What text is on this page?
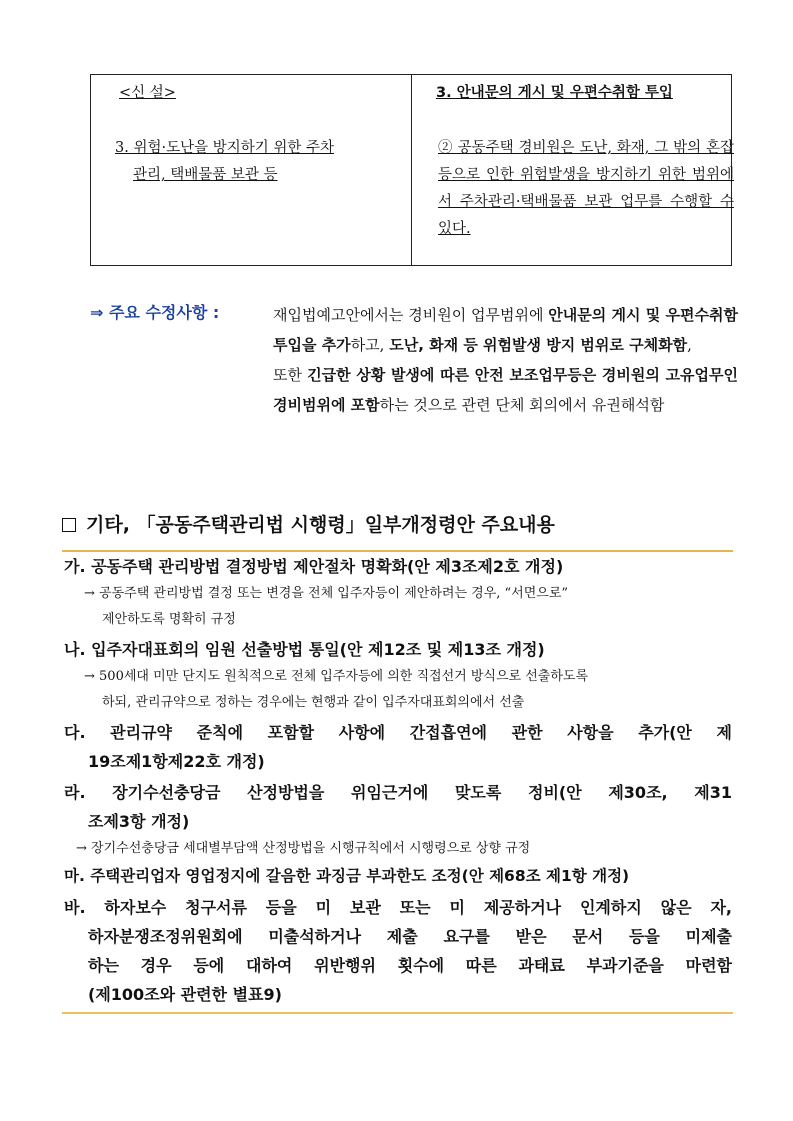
<신 설>
3. 위험·도난을 방지하기 위한 주차
관리, 택배물품 보관 등
3. 안내문의 게시 및 우편수취함 투입
② 공동주택 경비원은 도난, 화재, 그 밖의 혼잡 등으로 인한 위험발생을 방지하기 위한 범위에서 주차관리·택배물품 보관 업무를 수행할 수 있다.
⇒ 주요 수정사항 :	재입법예고안에서는 경비원이 업무범위에 안내문의 게시 및 우편수취함 투입을 추가하고, 도난, 화재 등 위험발생 방지 범위로 구체화함,
또한 긴급한 상황 발생에 따른 안전 보조업무등은 경비원의 고유업무인 경비범위에 포함하는 것으로 관련 단체 회의에서 유권해석함
기타, 「공동주택관리법 시행령」일부개정령안 주요내용
가. 공동주택 관리방법 결정방법 제안절차 명확화(안 제3조제2호 개정)
→ 공동주택 관리방법 결정 또는 변경을 전체 입주자등이 제안하려는 경우, “서면으로”
제안하도록 명확히 규정
나. 입주자대표회의 임원 선출방법 통일(안 제12조 및 제13조 개정)
→ 500세대 미만 단지도 원칙적으로 전체 입주자등에 의한 직접선거 방식으로 선출하도록
하되, 관리규약으로 정하는 경우에는 현행과 같이 입주자대표회의에서 선출
다. 관리규약 준칙에 포함할 사항에 간접흡연에 관한 사항을 추가(안 제
19조제1항제22호 개정)
라. 장기수선충당금 산정방법을 위임근거에 맞도록 정비(안 제30조, 제31
조제3항 개정)
→ 장기수선충당금 세대별부담액 산정방법을 시행규칙에서 시행령으로 상향 규정
마. 주택관리업자 영업정지에 갈음한 과징금 부과한도 조정(안 제68조 제1항 개정)
바. 하자보수 청구서류 등을 미 보관 또는 미 제공하거나 인계하지 않은 자,
하자분쟁조정위원회에 미출석하거나 제출 요구를 받은 문서 등을 미제출
하는 경우 등에 대하여 위반행위 횟수에 따른 과태료 부과기준을 마련함
(제100조와 관련한 별표9)
